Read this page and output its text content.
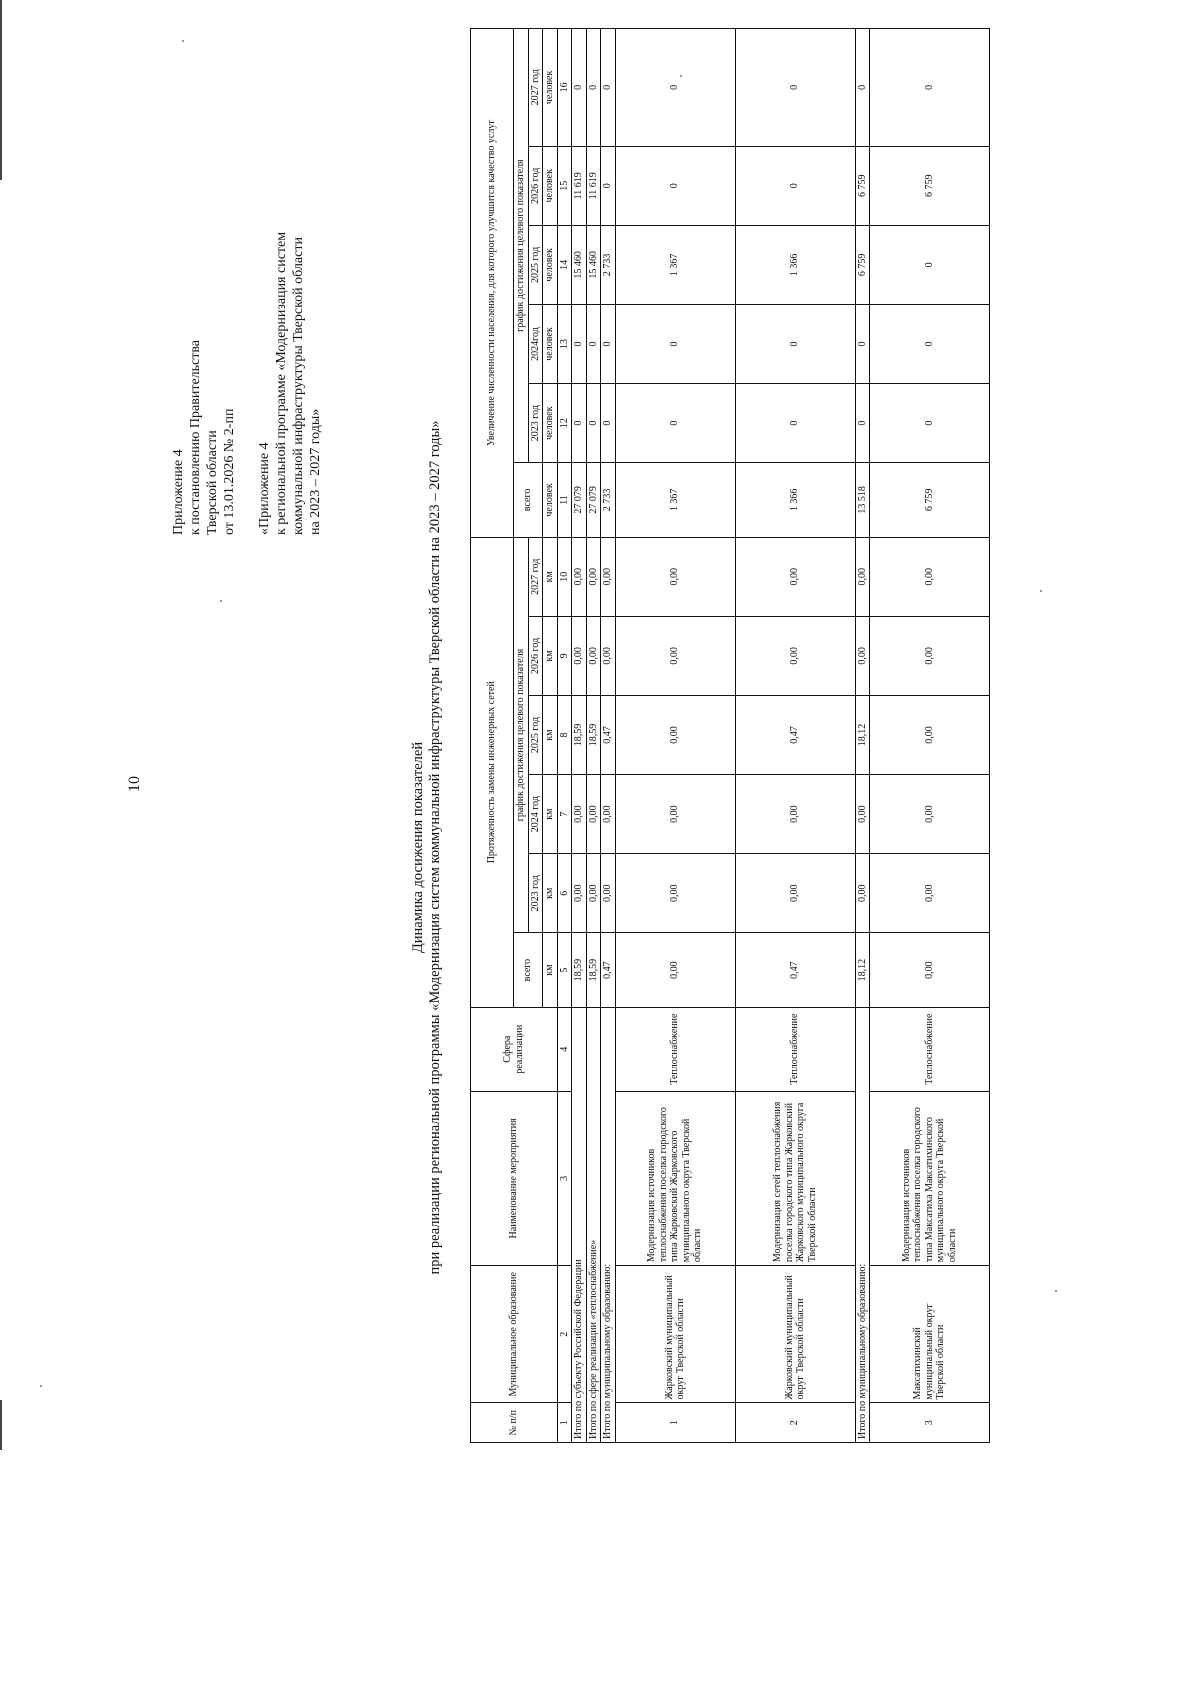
10

Приложение 4 к постановлению Правительства Тверской области от 13.01.2026 № 2-пп «Приложение 4 к региональной программе «Модернизация систем коммунальной инфраструктуры Тверской области на 2023 – 2027 годы»

Динамика досижения показателей при реализации региональной программы «Модернизация систем коммунальной инфраструктуры Тверской области на 2023 – 2027 годы»

№ п/п	Муниципальное образование	Наименование мероприятия	Сфера реализации	Протяженность замены инженерных сетей						Увеличение численности населения, для которого улучшится качество услуг					
				всего	график достижения целевого показателя					всего	график достижения целевого показателя				
					2023 год	2024 год	2025 год	2026 год	2027 год		2023 год	2024год	2025 год	2026 год	2027 год
				км	км	км	км	км	км	человек	человек	человек	человек	человек	человек
1	2	3	4	5	6	7	8	9	10	11	12	13	14	15	16
Итого по субъекту Российской Федерации				18,59	0,00	0,00	18,59	0,00	0,00	27 079	0	0	15 460	11 619	0
Итого по сфере реализации «теплоснабжение»				18,59	0,00	0,00	18,59	0,00	0,00	27 079	0	0	15 460	11 619	0
Итого по муниципальному образованию:				0,47	0,00	0,00	0,47	0,00	0,00	2 733	0	0	2 733	0	0
1	Жарковский муниципальный округ Тверской области	Модернизация источников теплоснабжения поселка городского типа Жарковский Жарковского муниципального округа Тверской области	Теплоснабжение	0,00	0,00	0,00	0,00	0,00	0,00	1 367	0	0	1 367	0	0
2	Жарковский муниципальный округ Тверской области	Модернизация сетей теплоснабжения поселка городского типа Жарковский Жарковского муниципального округа Тверской области	Теплоснабжение	0,47	0,00	0,00	0,47	0,00	0,00	1 366	0	0	1 366	0	0
Итого по муниципальному образованию:				18,12	0,00	0,00	18,12	0,00	0,00	13 518	0	0	6 759	6 759	0
3	Максатихинский муниципальный округ Тверской области	Модернизация источников теплоснабжения поселка городского типа Максатиха Максатихинского муниципального округа Тверской области	Теплоснабжение	0,00	0,00	0,00	0,00	0,00	0,00	6 759	0	0	0	6 759	0
